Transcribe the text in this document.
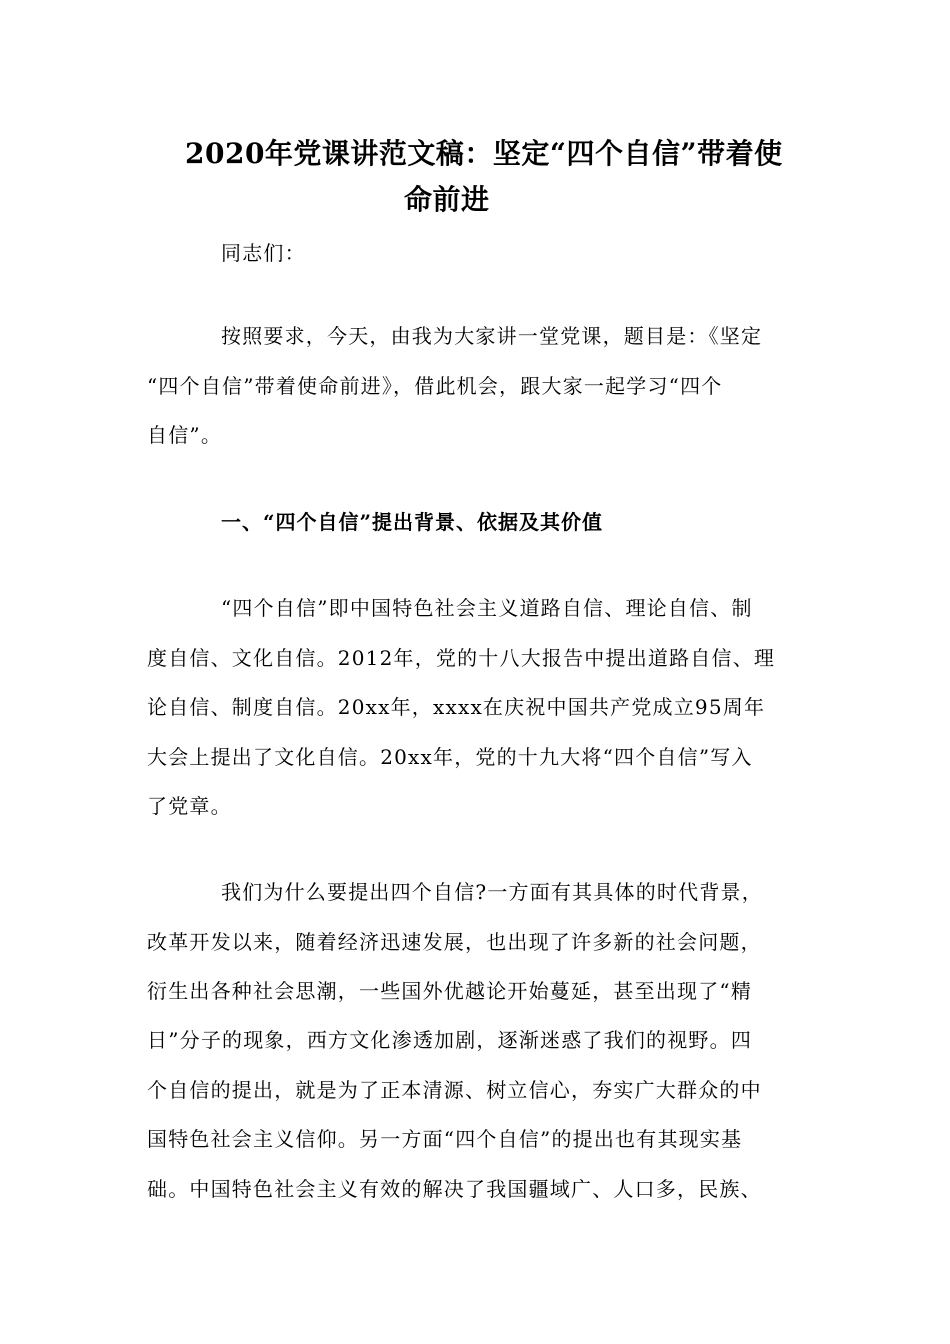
2020年党课讲范文稿：坚定“四个自信”带着使
命前进
同志们：
按照要求，今天，由我为大家讲一堂党课，题目是：《坚定
“四个自信”带着使命前进》，借此机会，跟大家一起学习“四个
自信”。
一、“四个自信”提出背景、依据及其价值
“四个自信”即中国特色社会主义道路自信、理论自信、制
度自信、文化自信。2012年，党的十八大报告中提出道路自信、理
论自信、制度自信。20xx年，xxxx在庆祝中国共产党成立95周年
大会上提出了文化自信。20xx年，党的十九大将“四个自信”写入
了党章。
我们为什么要提出四个自信?一方面有其具体的时代背景，
改革开发以来，随着经济迅速发展，也出现了许多新的社会问题，
衍生出各种社会思潮，一些国外优越论开始蔓延，甚至出现了“精
日”分子的现象，西方文化渗透加剧，逐渐迷惑了我们的视野。四
个自信的提出，就是为了正本清源、树立信心，夯实广大群众的中
国特色社会主义信仰。另一方面“四个自信”的提出也有其现实基
础。中国特色社会主义有效的解决了我国疆域广、人口多，民族、
